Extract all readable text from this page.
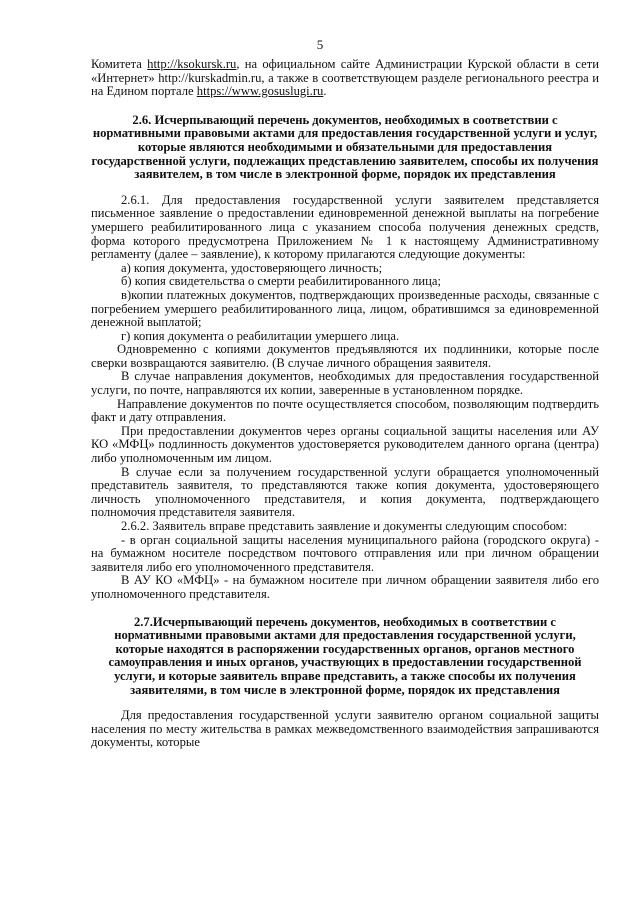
5

Комитета http://ksokursk.ru, на официальном сайте Администрации Курской области в сети «Интернет» http://kurskadmin.ru, а также в соответствующем разделе регионального реестра и на Едином портале https://www.gosuslugi.ru.

2.6. Исчерпывающий перечень документов, необходимых в соответствии с нормативными правовыми актами для предоставления государственной услуги и услуг, которые являются необходимыми и обязательными для предоставления государственной услуги, подлежащих представлению заявителем, способы их получения заявителем, в том числе в электронной форме, порядок их представления

2.6.1. Для предоставления государственной услуги заявителем представляется письменное заявление о предоставлении единовременной денежной выплаты на погребение умершего реабилитированного лица с указанием способа получения денежных средств, форма которого предусмотрена Приложением № 1 к настоящему Административному регламенту (далее – заявление), к которому прилагаются следующие документы:

а) копия документа, удостоверяющего личность;

б) копия свидетельства о смерти реабилитированного лица;

в)копии платежных документов, подтверждающих произведенные расходы, связанные с погребением умершего реабилитированного лица, лицом, обратившимся за единовременной денежной выплатой;

г) копия документа о реабилитации умершего лица.

Одновременно с копиями документов предъявляются их подлинники, которые после сверки возвращаются заявителю. (В случае личного обращения заявителя.

В случае направления документов, необходимых для предоставления государственной услуги, по почте, направляются их копии, заверенные в установленном порядке.

Направление документов по почте осуществляется способом, позволяющим подтвердить факт и дату отправления.

При предоставлении документов через органы социальной защиты населения или АУ КО «МФЦ» подлинность документов удостоверяется руководителем данного органа (центра) либо уполномоченным им лицом.

В случае если за получением государственной услуги обращается уполномоченный представитель заявителя, то представляются также копия документа, удостоверяющего личность уполномоченного представителя, и копия документа, подтверждающего полномочия представителя заявителя.

2.6.2. Заявитель вправе представить заявление и документы следующим способом:

- в орган социальной защиты населения муниципального района (городского округа) - на бумажном носителе посредством почтового отправления или при личном обращении заявителя либо его уполномоченного представителя.

В АУ КО «МФЦ» - на бумажном носителе при личном обращении заявителя либо его уполномоченного представителя.

2.7.Исчерпывающий перечень документов, необходимых в соответствии с нормативными правовыми актами для предоставления государственной услуги, которые находятся в распоряжении государственных органов, органов местного самоуправления и иных органов, участвующих в предоставлении государственной услуги, и которые заявитель вправе представить, а также способы их получения заявителями, в том числе в электронной форме, порядок их представления

Для предоставления государственной услуги заявителю органом социальной защиты населения по месту жительства в рамках межведомственного взаимодействия запрашиваются документы, которые
